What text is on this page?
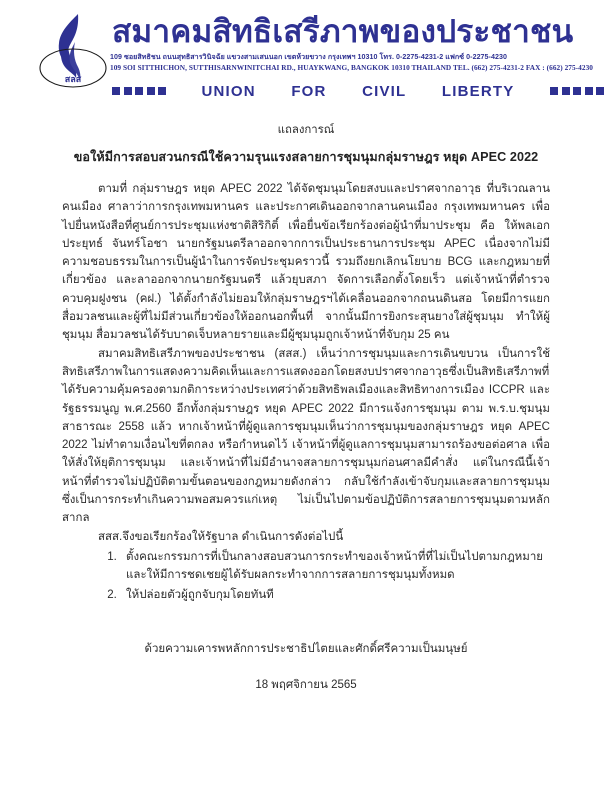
สลส
สมาคมสิทธิเสรีภาพของประชาชน
109 ซอยสิทธิชน ถนนสุทธิสารวินิจฉัย แขวงสามเสนนอก เขตห้วยขวาง กรุงเทพฯ 10310 โทร. 0-2275-4231-2 แฟกซ์ 0-2275-4230
109 SOI SITTHICHON, SUTTHISARNWINITCHAI RD., HUAYKWANG, BANGKOK 10310 THAILAND TEL. (662) 275-4231-2 FAX : (662) 275-4230
UNION FOR CIVIL LIBERTY
แถลงการณ์
ขอให้มีการสอบสวนกรณีใช้ความรุนแรงสลายการชุมนุมกลุ่มราษฎร หยุด APEC 2022

ตามที่ กลุ่มราษฎร หยุด APEC 2022 ได้จัดชุมนุมโดยสงบและปราศจากอาวุธ ที่บริเวณลานคนเมือง ศาลาว่าการกรุงเทพมหานคร และประกาศเดินออกจากลานคนเมือง กรุงเทพมหานคร เพื่อไปยื่นหนังสือที่ศูนย์การประชุมแห่งชาติสิริกิติ์ เพื่อยื่นข้อเรียกร้องต่อผู้นำที่มาประชุม คือ ให้พลเอกประยุทธ์ จันทร์โอชา นายกรัฐมนตรีลาออกจากการเป็นประธานการประชุม APEC เนื่องจากไม่มีความชอบธรรมในการเป็นผู้นำในการจัดประชุมคราวนี้ รวมถึงยกเลิกนโยบาย BCG และกฎหมายที่เกี่ยวข้อง และลาออกจากนายกรัฐมนตรี แล้วยุบสภา จัดการเลือกตั้งโดยเร็ว แต่เจ้าหน้าที่ตำรวจควบคุมฝูงชน (คฝ.) ได้ตั้งกำลังไม่ยอมให้กลุ่มราษฎรฯได้เคลื่อนออกจากถนนดินสอ โดยมีการแยกสื่อมวลชนและผู้ที่ไม่มีส่วนเกี่ยวข้องให้ออกนอกพื้นที่ จากนั้นมีการยิงกระสุนยางใส่ผู้ชุมนุม ทำให้ผู้ชุมนุม สื่อมวลชนได้รับบาดเจ็บหลายรายและมีผู้ชุมนุมถูกเจ้าหน้าที่จับกุม 25 คน

สมาคมสิทธิเสรีภาพของประชาชน (สสส.) เห็นว่าการชุมนุมและการเดินขบวน เป็นการใช้สิทธิเสรีภาพในการแสดงความคิดเห็นและการแสดงออกโดยสงบปราศจากอาวุธซึ่งเป็นสิทธิเสรีภาพที่ได้รับความคุ้มครองตามกติการะหว่างประเทศว่าด้วยสิทธิพลเมืองและสิทธิทางการเมือง ICCPR และรัฐธรรมนูญ พ.ศ.2560 อีกทั้งกลุ่มราษฎร หยุด APEC 2022 มีการแจ้งการชุมนุม ตาม พ.ร.บ.ชุมนุมสาธารณะ 2558 แล้ว หากเจ้าหน้าที่ผู้ดูแลการชุมนุมเห็นว่าการชุมนุมของกลุ่มราษฎร หยุด APEC 2022 ไม่ทำตามเงื่อนไขที่ตกลง หรือกำหนดไว้ เจ้าหน้าที่ผู้ดูแลการชุมนุมสามารถร้องขอต่อศาล เพื่อให้สั่งให้ยุติการชุมนุม และเจ้าหน้าที่ไม่มีอำนาจสลายการชุมนุมก่อนศาลมีคำสั่ง แต่ในกรณีนี้เจ้าหน้าที่ตำรวจไม่ปฏิบัติตามขั้นตอนของกฎหมายดังกล่าว กลับใช้กำลังเข้าจับกุมและสลายการชุมนุม ซึ่งเป็นการกระทำเกินความพอสมควรแก่เหตุ ไม่เป็นไปตามข้อปฏิบัติการสลายการชุมนุมตามหลักสากล

สสส.จึงขอเรียกร้องให้รัฐบาล ดำเนินการดังต่อไปนี้

1. ตั้งคณะกรรมการที่เป็นกลางสอบสวนการกระทำของเจ้าหน้าที่ที่ไม่เป็นไปตามกฎหมายและให้มีการชดเชยผู้ได้รับผลกระทำจากการสลายการชุมนุมทั้งหมด
2. ให้ปล่อยตัวผู้ถูกจับกุมโดยทันที
ด้วยความเคารพหลักการประชาธิปไตยและศักดิ์ศรีความเป็นมนุษย์
18 พฤศจิกายน 2565
